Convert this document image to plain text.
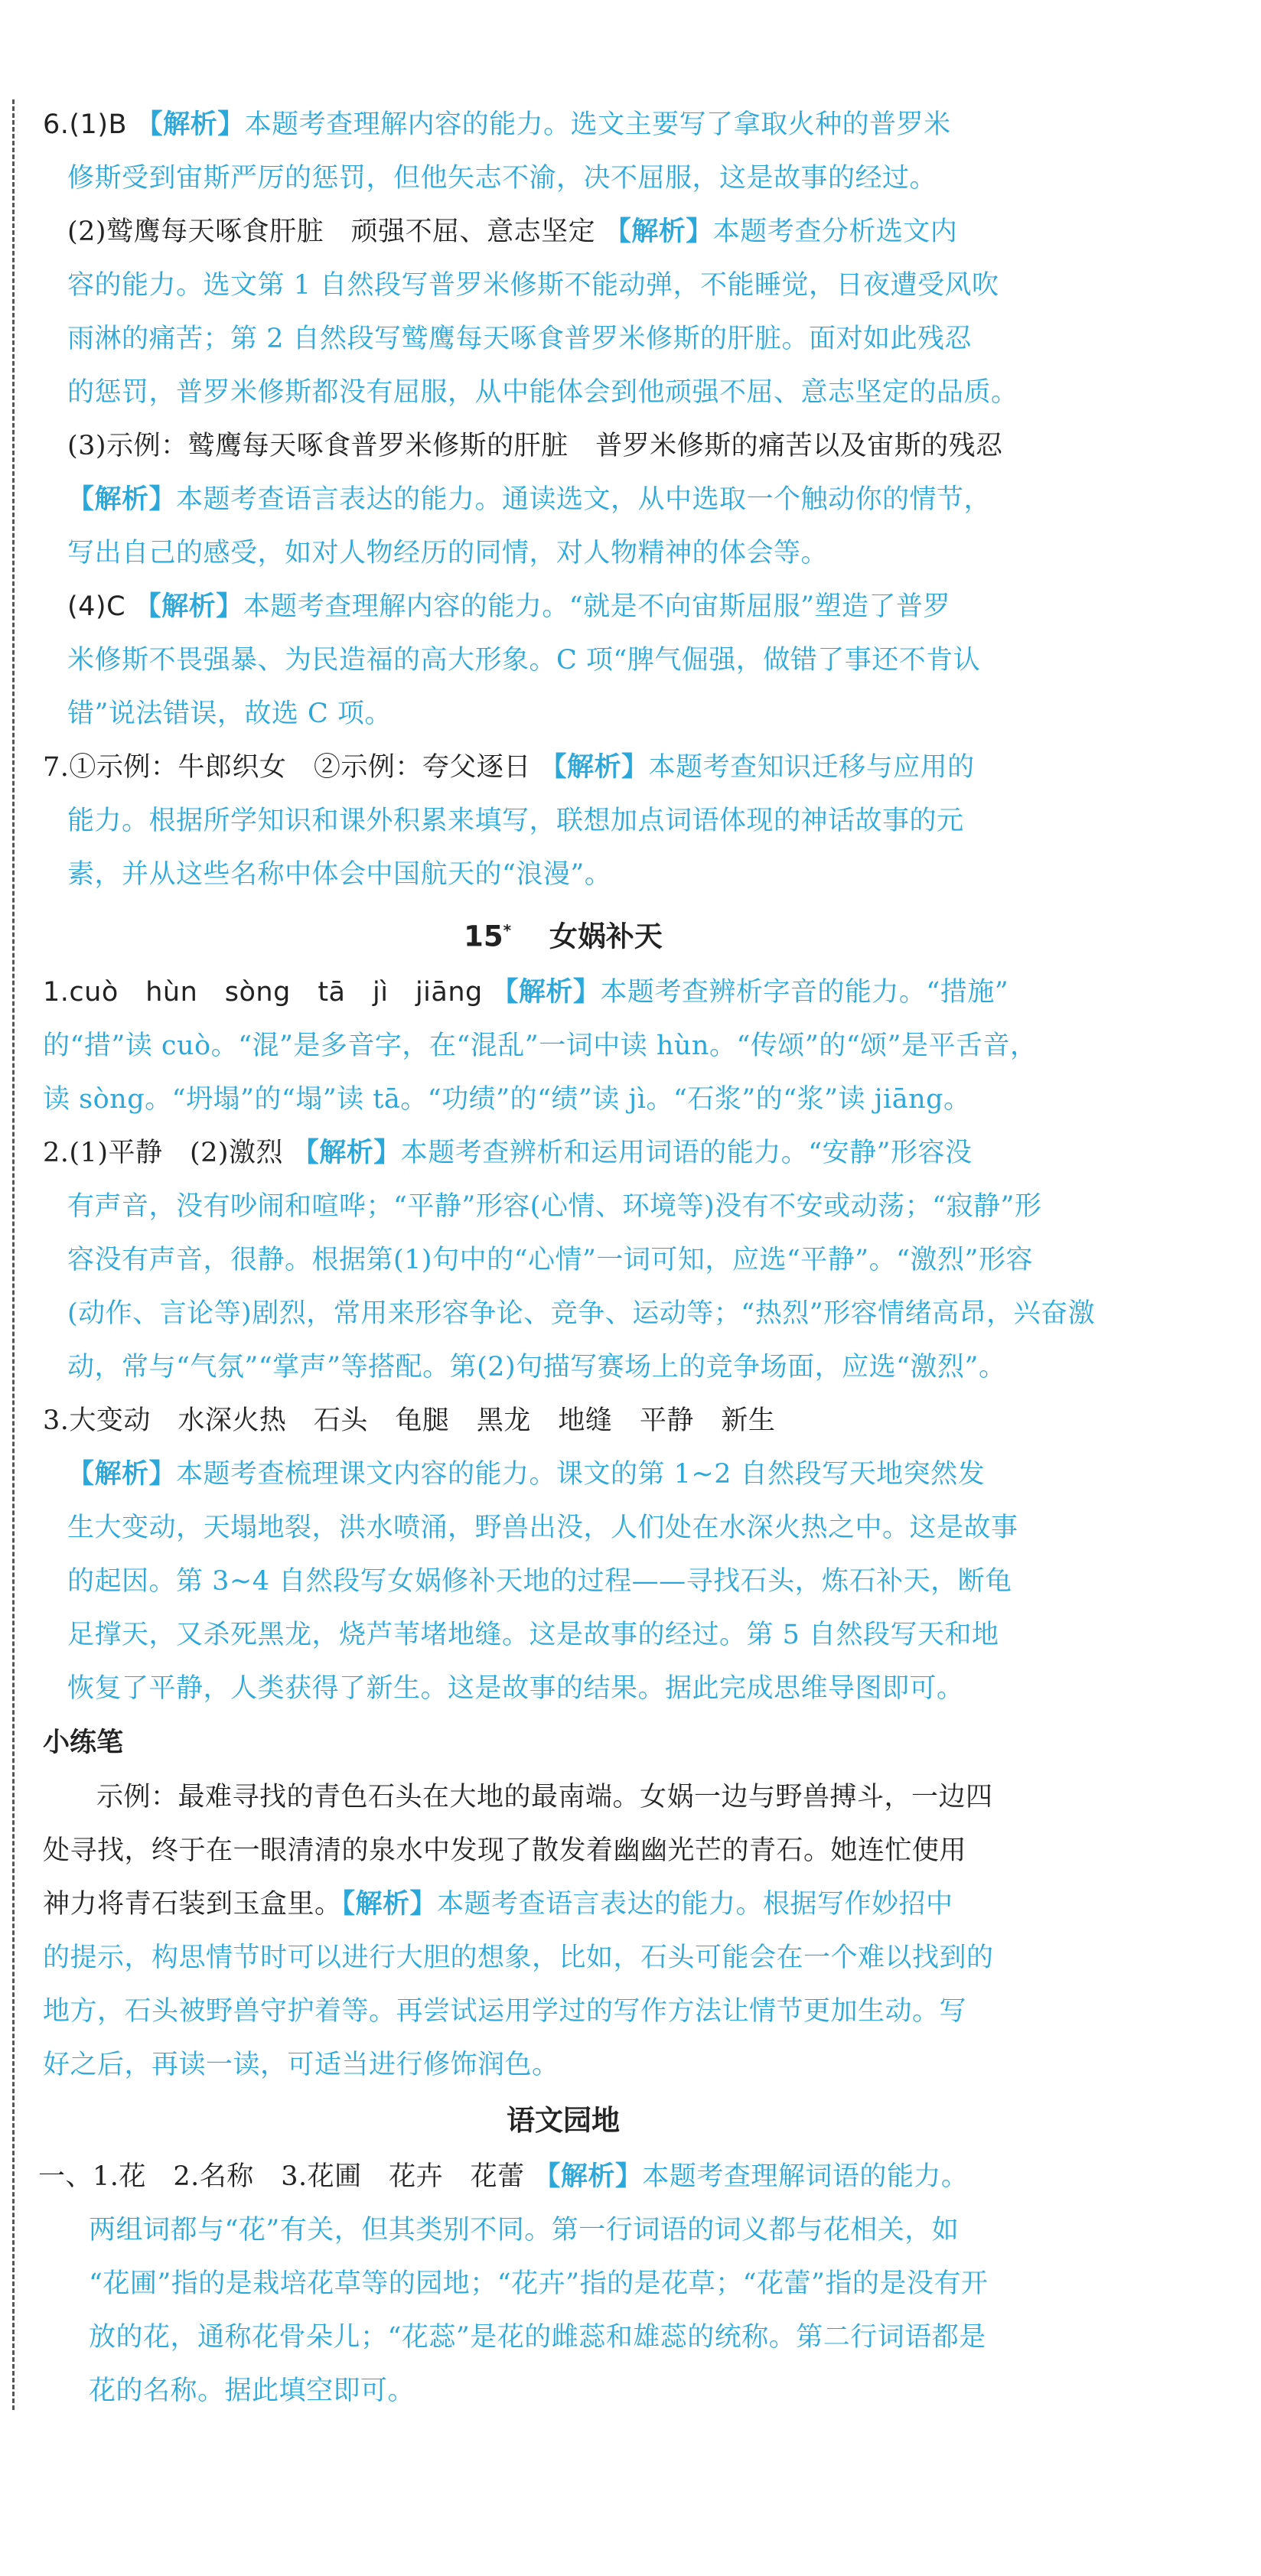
6.(1)B 【解析】本题考查理解内容的能力。选文主要写了拿取火种的普罗米
修斯受到宙斯严厉的惩罚，但他矢志不渝，决不屈服，这是故事的经过。
(2)鹫鹰每天啄食肝脏　顽强不屈、意志坚定 【解析】本题考查分析选文内
容的能力。选文第 1 自然段写普罗米修斯不能动弹，不能睡觉，日夜遭受风吹
雨淋的痛苦；第 2 自然段写鹫鹰每天啄食普罗米修斯的肝脏。面对如此残忍
的惩罚，普罗米修斯都没有屈服，从中能体会到他顽强不屈、意志坚定的品质。
(3)示例：鹫鹰每天啄食普罗米修斯的肝脏　普罗米修斯的痛苦以及宙斯的残忍
【解析】本题考查语言表达的能力。通读选文，从中选取一个触动你的情节，
写出自己的感受，如对人物经历的同情，对人物精神的体会等。
(4)C 【解析】本题考查理解内容的能力。“就是不向宙斯屈服”塑造了普罗
米修斯不畏强暴、为民造福的高大形象。C 项“脾气倔强，做错了事还不肯认
错”说法错误，故选 C 项。
7.①示例：牛郎织女　②示例：夸父逐日 【解析】本题考查知识迁移与应用的
能力。根据所学知识和课外积累来填写，联想加点词语体现的神话故事的元
素，并从这些名称中体会中国航天的“浪漫”。
15* 女娲补天
1.cuò　hùn　sòng　tā　jì　jiāng 【解析】本题考查辨析字音的能力。“措施”
的“措”读 cuò。“混”是多音字，在“混乱”一词中读 hùn。“传颂”的“颂”是平舌音，
读 sòng。“坍塌”的“塌”读 tā。“功绩”的“绩”读 jì。“石浆”的“浆”读 jiāng。
2.(1)平静　(2)激烈 【解析】本题考查辨析和运用词语的能力。“安静”形容没
有声音，没有吵闹和喧哗；“平静”形容(心情、环境等)没有不安或动荡；“寂静”形
容没有声音，很静。根据第(1)句中的“心情”一词可知，应选“平静”。“激烈”形容
(动作、言论等)剧烈，常用来形容争论、竞争、运动等；“热烈”形容情绪高昂，兴奋激
动，常与“气氛”“掌声”等搭配。第(2)句描写赛场上的竞争场面，应选“激烈”。
3.大变动　水深火热　石头　龟腿　黑龙　地缝　平静　新生
【解析】本题考查梳理课文内容的能力。课文的第 1~2 自然段写天地突然发
生大变动，天塌地裂，洪水喷涌，野兽出没，人们处在水深火热之中。这是故事
的起因。第 3~4 自然段写女娲修补天地的过程——寻找石头，炼石补天，断龟
足撑天，又杀死黑龙，烧芦苇堵地缝。这是故事的经过。第 5 自然段写天和地
恢复了平静，人类获得了新生。这是故事的结果。据此完成思维导图即可。
小练笔
示例：最难寻找的青色石头在大地的最南端。女娲一边与野兽搏斗，一边四
处寻找，终于在一眼清清的泉水中发现了散发着幽幽光芒的青石。她连忙使用
神力将青石装到玉盒里。【解析】本题考查语言表达的能力。根据写作妙招中
的提示，构思情节时可以进行大胆的想象，比如，石头可能会在一个难以找到的
地方，石头被野兽守护着等。再尝试运用学过的写作方法让情节更加生动。写
好之后，再读一读，可适当进行修饰润色。
语文园地
一、1.花　2.名称　3.花圃　花卉　花蕾 【解析】本题考查理解词语的能力。
两组词都与“花”有关，但其类别不同。第一行词语的词义都与花相关，如
“花圃”指的是栽培花草等的园地；“花卉”指的是花草；“花蕾”指的是没有开
放的花，通称花骨朵儿；“花蕊”是花的雌蕊和雄蕊的统称。第二行词语都是
花的名称。据此填空即可。
